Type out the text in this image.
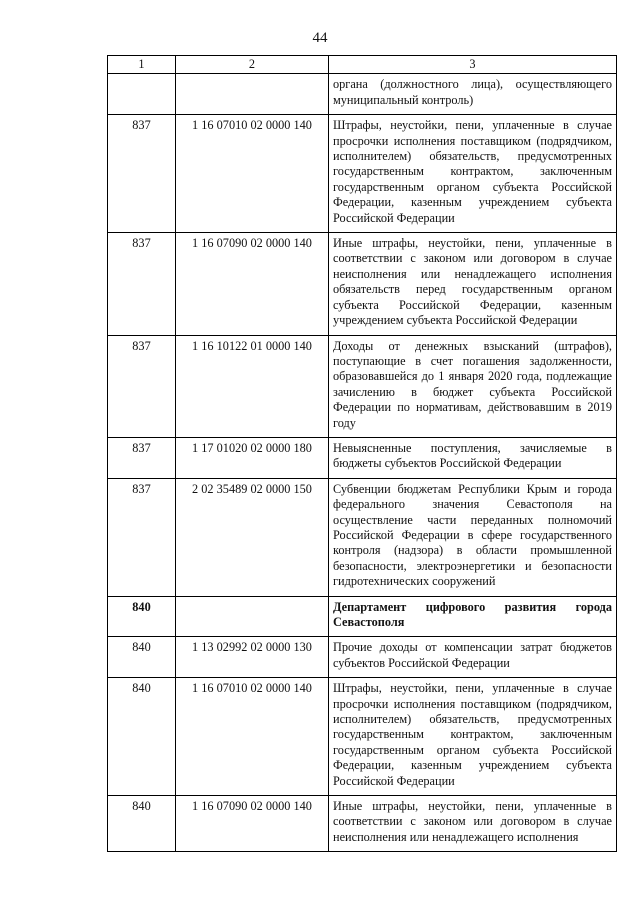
44
1	2	3
		органа (должностного лица), осуществляющего муниципальный контроль)
837	1 16 07010 02 0000 140	Штрафы, неустойки, пени, уплаченные в случае просрочки исполнения поставщиком (подрядчиком, исполнителем) обязательств, предусмотренных государственным контрактом, заключенным государственным органом субъекта Российской Федерации, казенным учреждением субъекта Российской Федерации
837	1 16 07090 02 0000 140	Иные штрафы, неустойки, пени, уплаченные в соответствии с законом или договором в случае неисполнения или ненадлежащего исполнения обязательств перед государственным органом субъекта Российской Федерации, казенным учреждением субъекта Российской Федерации
837	1 16 10122 01 0000 140	Доходы от денежных взысканий (штрафов), поступающие в счет погашения задолженности, образовавшейся до 1 января 2020 года, подлежащие зачислению в бюджет субъекта Российской Федерации по нормативам, действовавшим в 2019 году
837	1 17 01020 02 0000 180	Невыясненные поступления, зачисляемые в бюджеты субъектов Российской Федерации
837	2 02 35489 02 0000 150	Субвенции бюджетам Республики Крым и города федерального значения Севастополя на осуществление части переданных полномочий Российской Федерации в сфере государственного контроля (надзора) в области промышленной безопасности, электроэнергетики и безопасности гидротехнических сооружений
840		Департамент цифрового развития города Севастополя
840	1 13 02992 02 0000 130	Прочие доходы от компенсации затрат бюджетов субъектов Российской Федерации
840	1 16 07010 02 0000 140	Штрафы, неустойки, пени, уплаченные в случае просрочки исполнения поставщиком (подрядчиком, исполнителем) обязательств, предусмотренных государственным контрактом, заключенным государственным органом субъекта Российской Федерации, казенным учреждением субъекта Российской Федерации
840	1 16 07090 02 0000 140	Иные штрафы, неустойки, пени, уплаченные в соответствии с законом или договором в случае неисполнения или ненадлежащего исполнения
